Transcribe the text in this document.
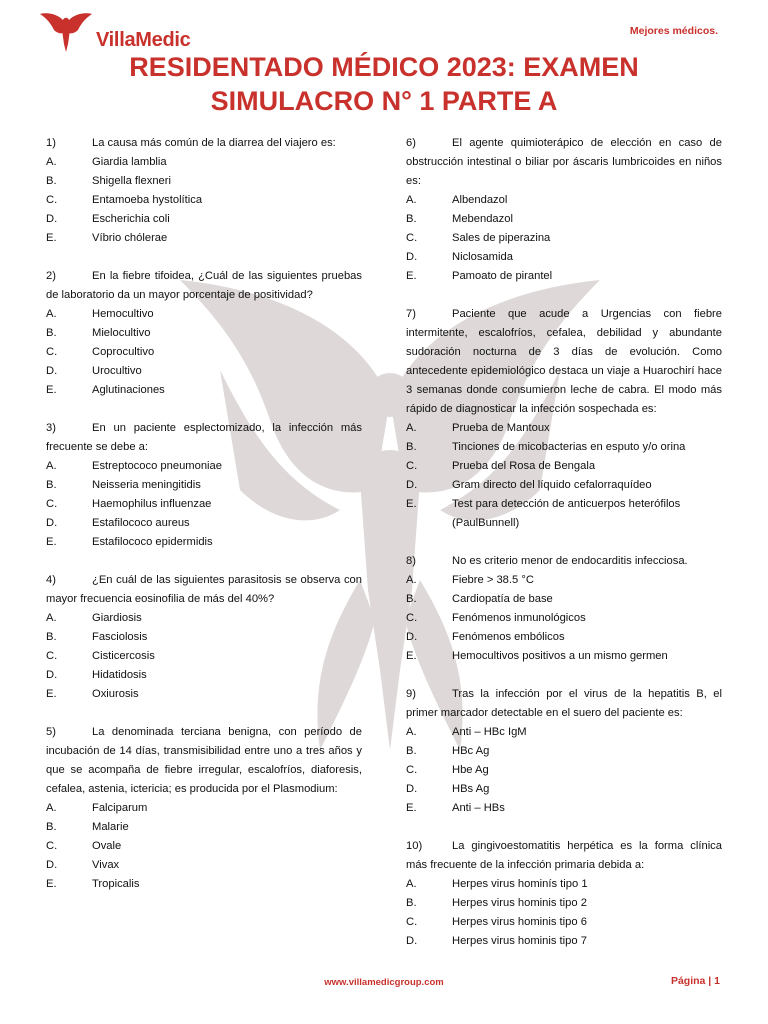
VillaMedic	Mejores médicos.
RESIDENTADO MÉDICO 2023: EXAMEN
SIMULACRO N° 1 PARTE A
1)	La causa más común de la diarrea del viajero es:
A.	Giardia lamblia
B.	Shigella flexneri
C.	Entamoeba hystolítica
D.	Escherichia coli
E.	Víbrio chólerae
2)	En la fiebre tifoidea, ¿Cuál de las siguientes pruebas de laboratorio da un mayor porcentaje de positividad?
A.	Hemocultivo
B.	Mielocultivo
C.	Coprocultivo
D.	Urocultivo
E.	Aglutinaciones
3)	En un paciente esplectomizado, la infección más frecuente se debe a:
A.	Estreptococo pneumoniae
B.	Neisseria meningitidis
C.	Haemophilus influenzae
D.	Estafilococo aureus
E.	Estafilococo epidermidis
4)	¿En cuál de las siguientes parasitosis se observa con mayor frecuencia eosinofilia de más del 40%?
A.	Giardiosis
B.	Fasciolosis
C.	Cisticercosis
D.	Hidatidosis
E.	Oxiurosis
5)	La denominada terciana benigna, con período de incubación de 14 días, transmisibilidad entre uno a tres años y que se acompaña de fiebre irregular, escalofríos, diaforesis, cefalea, astenia, ictericia; es producida por el Plasmodium:
A.	Falciparum
B.	Malarie
C.	Ovale
D.	Vivax
E.	Tropicalis
6)	El agente quimioterápico de elección en caso de obstrucción intestinal o biliar por áscaris lumbricoides en niños es:
A.	Albendazol
B.	Mebendazol
C.	Sales de piperazina
D.	Niclosamida
E.	Pamoato de pirantel
7)	Paciente que acude a Urgencias con fiebre intermitente, escalofríos, cefalea, debilidad y abundante sudoración nocturna de 3 días de evolución. Como antecedente epidemiológico destaca un viaje a Huarochirí hace 3 semanas donde consumieron leche de cabra. El modo más rápido de diagnosticar la infección sospechada es:
A.	Prueba de Mantoux
B.	Tinciones de micobacterias en esputo y/o orina
C.	Prueba del Rosa de Bengala
D.	Gram directo del líquido cefalorraquídeo
E.	Test para detección de anticuerpos heterófilos (PaulBunnell)
8)	No es criterio menor de endocarditis infecciosa.
A.	Fiebre > 38.5 °C
B.	Cardiopatía de base
C.	Fenómenos inmunológicos
D.	Fenómenos embólicos
E.	Hemocultivos positivos a un mismo germen
9)	Tras la infección por el virus de la hepatitis B, el primer marcador detectable en el suero del paciente es:
A.	Anti – HBc IgM
B.	HBc Ag
C.	Hbe Ag
D.	HBs Ag
E.	Anti – HBs
10)	La gingivoestomatitis herpética es la forma clínica más frecuente de la infección primaria debida a:
A.	Herpes virus hominís tipo 1
B.	Herpes virus hominis tipo 2
C.	Herpes virus hominis tipo 6
D.	Herpes virus hominis tipo 7
www.villamedicgroup.com	Página | 1
